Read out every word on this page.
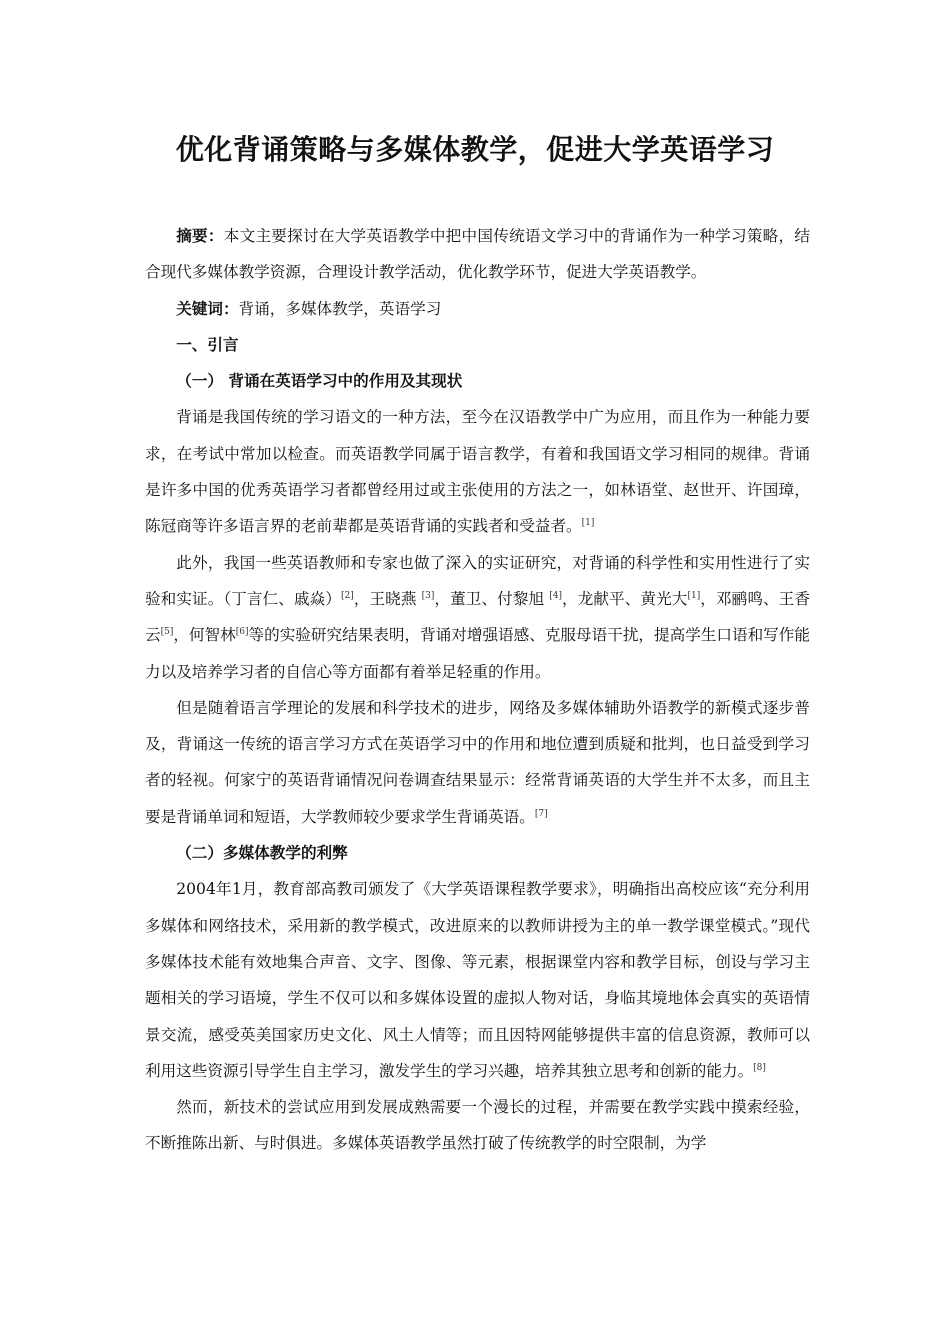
优化背诵策略与多媒体教学，促进大学英语学习

摘要：本文主要探讨在大学英语教学中把中国传统语文学习中的背诵作为一种学习策略，结合现代多媒体教学资源，合理设计教学活动，优化教学环节，促进大学英语教学。

关键词：背诵，多媒体教学，英语学习

一、引言
（一） 背诵在英语学习中的作用及其现状

背诵是我国传统的学习语文的一种方法，至今在汉语教学中广为应用，而且作为一种能力要求，在考试中常加以检查。而英语教学同属于语言教学，有着和我国语文学习相同的规律。背诵是许多中国的优秀英语学习者都曾经用过或主张使用的方法之一，如林语堂、赵世开、许国璋，陈冠商等许多语言界的老前辈都是英语背诵的实践者和受益者。[1]

此外，我国一些英语教师和专家也做了深入的实证研究，对背诵的科学性和实用性进行了实验和实证。（丁言仁、戚焱）[2]，王晓燕 [3]，董卫、付黎旭 [4]，龙献平、黄光大[1]，邓鹂鸣、王香云[5]，何智林[6]等的实验研究结果表明，背诵对增强语感、克服母语干扰，提高学生口语和写作能力以及培养学习者的自信心等方面都有着举足轻重的作用。

但是随着语言学理论的发展和科学技术的进步，网络及多媒体辅助外语教学的新模式逐步普及，背诵这一传统的语言学习方式在英语学习中的作用和地位遭到质疑和批判，也日益受到学习者的轻视。何家宁的英语背诵情况问卷调查结果显示：经常背诵英语的大学生并不太多，而且主要是背诵单词和短语，大学教师较少要求学生背诵英语。[7]

（二）多媒体教学的利弊

2004年1月，教育部高教司颁发了《大学英语课程教学要求》，明确指出高校应该“充分利用多媒体和网络技术，采用新的教学模式，改进原来的以教师讲授为主的单一教学课堂模式。”现代多媒体技术能有效地集合声音、文字、图像、等元素，根据课堂内容和教学目标，创设与学习主题相关的学习语境，学生不仅可以和多媒体设置的虚拟人物对话，身临其境地体会真实的英语情景交流，感受英美国家历史文化、风土人情等；而且因特网能够提供丰富的信息资源，教师可以利用这些资源引导学生自主学习，激发学生的学习兴趣，培养其独立思考和创新的能力。[8]

然而，新技术的尝试应用到发展成熟需要一个漫长的过程，并需要在教学实践中摸索经验，不断推陈出新、与时俱进。多媒体英语教学虽然打破了传统教学的时空限制，为学
